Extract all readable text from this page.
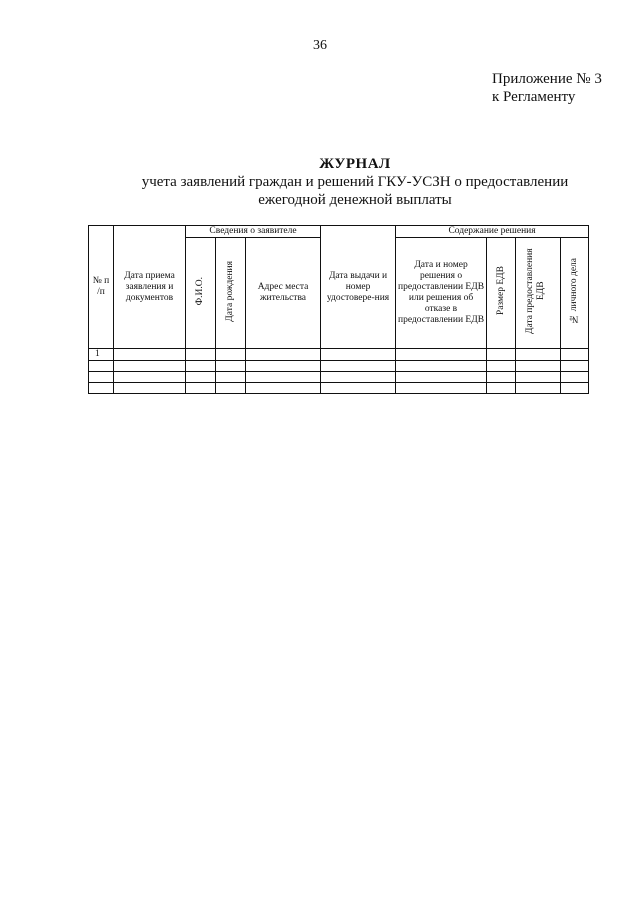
36
Приложение № 3
к Регламенту
ЖУРНАЛ
учета заявлений граждан и решений ГКУ-УСЗН о предоставлении
ежегодной денежной выплаты
№ п /п	Дата приема заявления и документов	Сведения о заявителе			Дата выдачи и номер удостовере-ния	Содержание решения			
		Ф.И.О.	Дата рождения	Адрес места жительства		Дата и номер решения о предоставлении ЕДВ или решения об отказе в предоставлении ЕДВ	Размер ЕДВ	Дата предоставления ЕДВ	№ личного дела
1									
